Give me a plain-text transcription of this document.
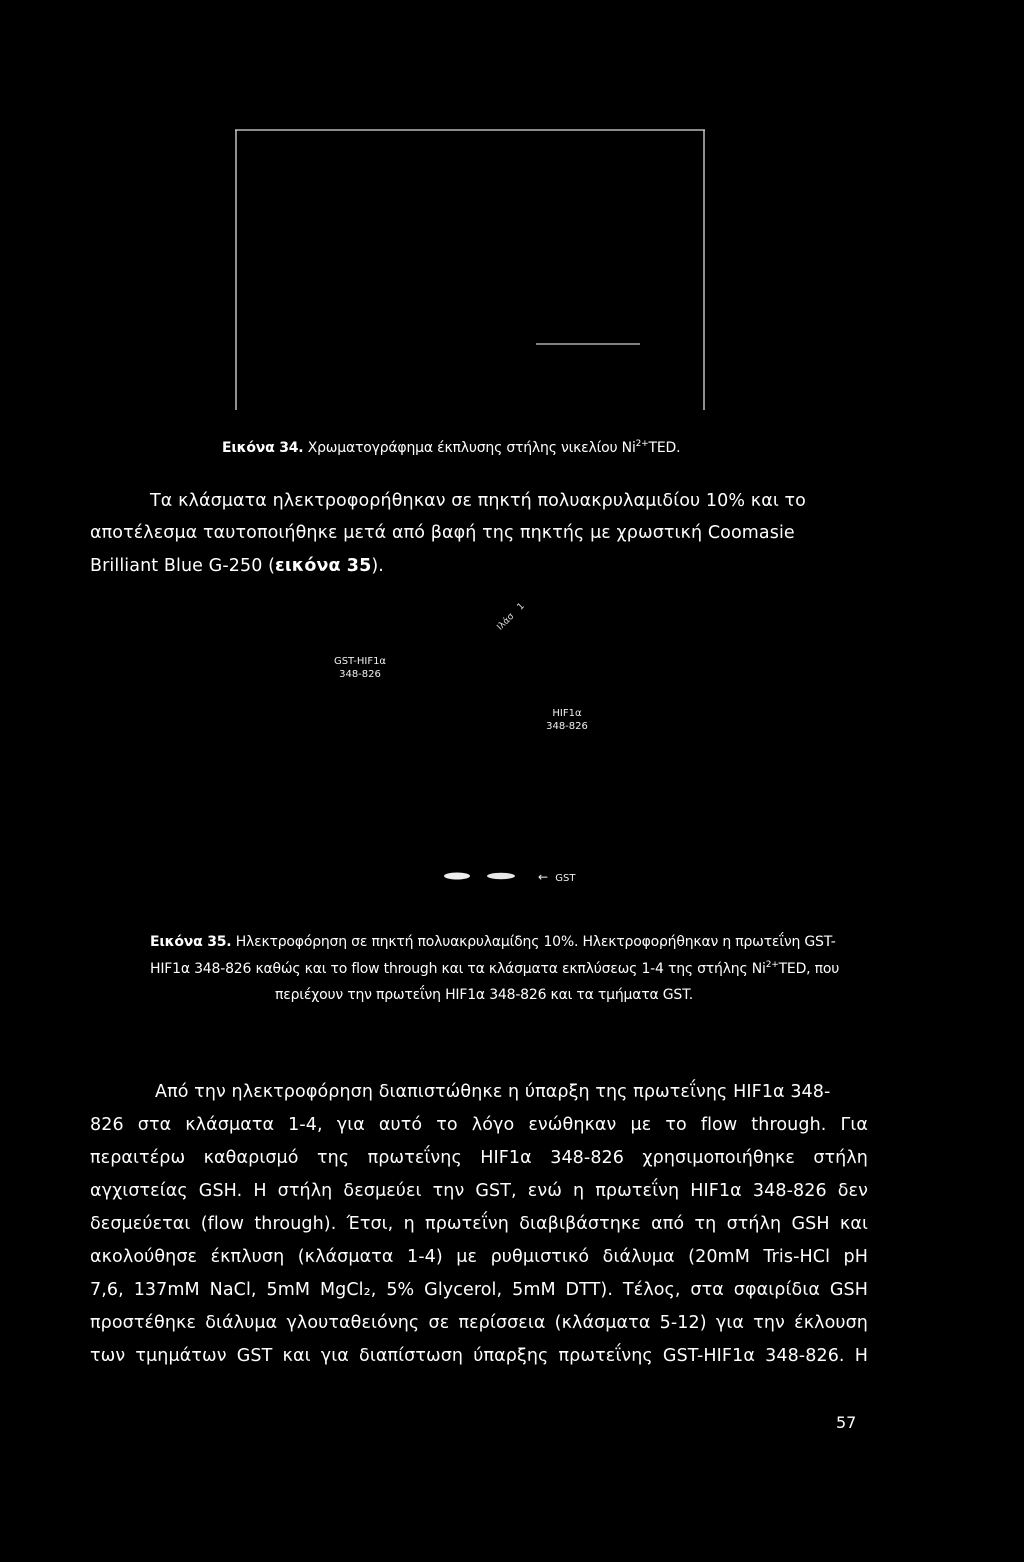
Εικόνα 34. Χρωματογράφημα έκπλυσης στήλης νικελίου $Ni^{2+}TED$.
Τα κλάσματα ηλεκτροφορήθηκαν σε πηκτή πολυακρυλαμιδίου 10% και το
αποτέλεσμα ταυτοποιήθηκε μετά από βαφή της πηκτής με χρωστική Coomasie
Brilliant Blue G-250 (εικόνα 35).
Ιλάσ 1
GST-HIF1α
348-826
HIF1α
348-826
← GST
Εικόνα 35. Ηλεκτροφόρηση σε πηκτή πολυακρυλαμίδης 10%. Ηλεκτροφορήθηκαν η πρωτεΐνη GST-
HIF1α 348-826 καθώς και το flow through και τα κλάσματα εκπλύσεως 1-4 της στήλης $Ni^{2+}TED$, που
περιέχουν την πρωτεΐνη HIF1α 348-826 και τα τμήματα GST.
Από την ηλεκτροφόρηση διαπιστώθηκε η ύπαρξη της πρωτεΐνης HIF1α 348-
826 στα κλάσματα 1-4, για αυτό το λόγο ενώθηκαν με το flow through. Για
περαιτέρω καθαρισμό της πρωτεΐνης HIF1α 348-826 χρησιμοποιήθηκε στήλη
αγχιστείας GSH. Η στήλη δεσμεύει την GST, ενώ η πρωτεΐνη HIF1α 348-826 δεν
δεσμεύεται (flow through). Έτσι, η πρωτεΐνη διαβιβάστηκε από τη στήλη GSH και
ακολούθησε έκπλυση (κλάσματα 1-4) με ρυθμιστικό διάλυμα (20mM Tris-HCl pH
7,6, 137mM NaCl, 5mM MgCl₂, 5% Glycerol, 5mM DTT). Τέλος, στα σφαιρίδια GSH
προστέθηκε διάλυμα γλουταθειόνης σε περίσσεια (κλάσματα 5-12) για την έκλουση
των τμημάτων GST και για διαπίστωση ύπαρξης πρωτεΐνης GST-HIF1α 348-826. Η
57
